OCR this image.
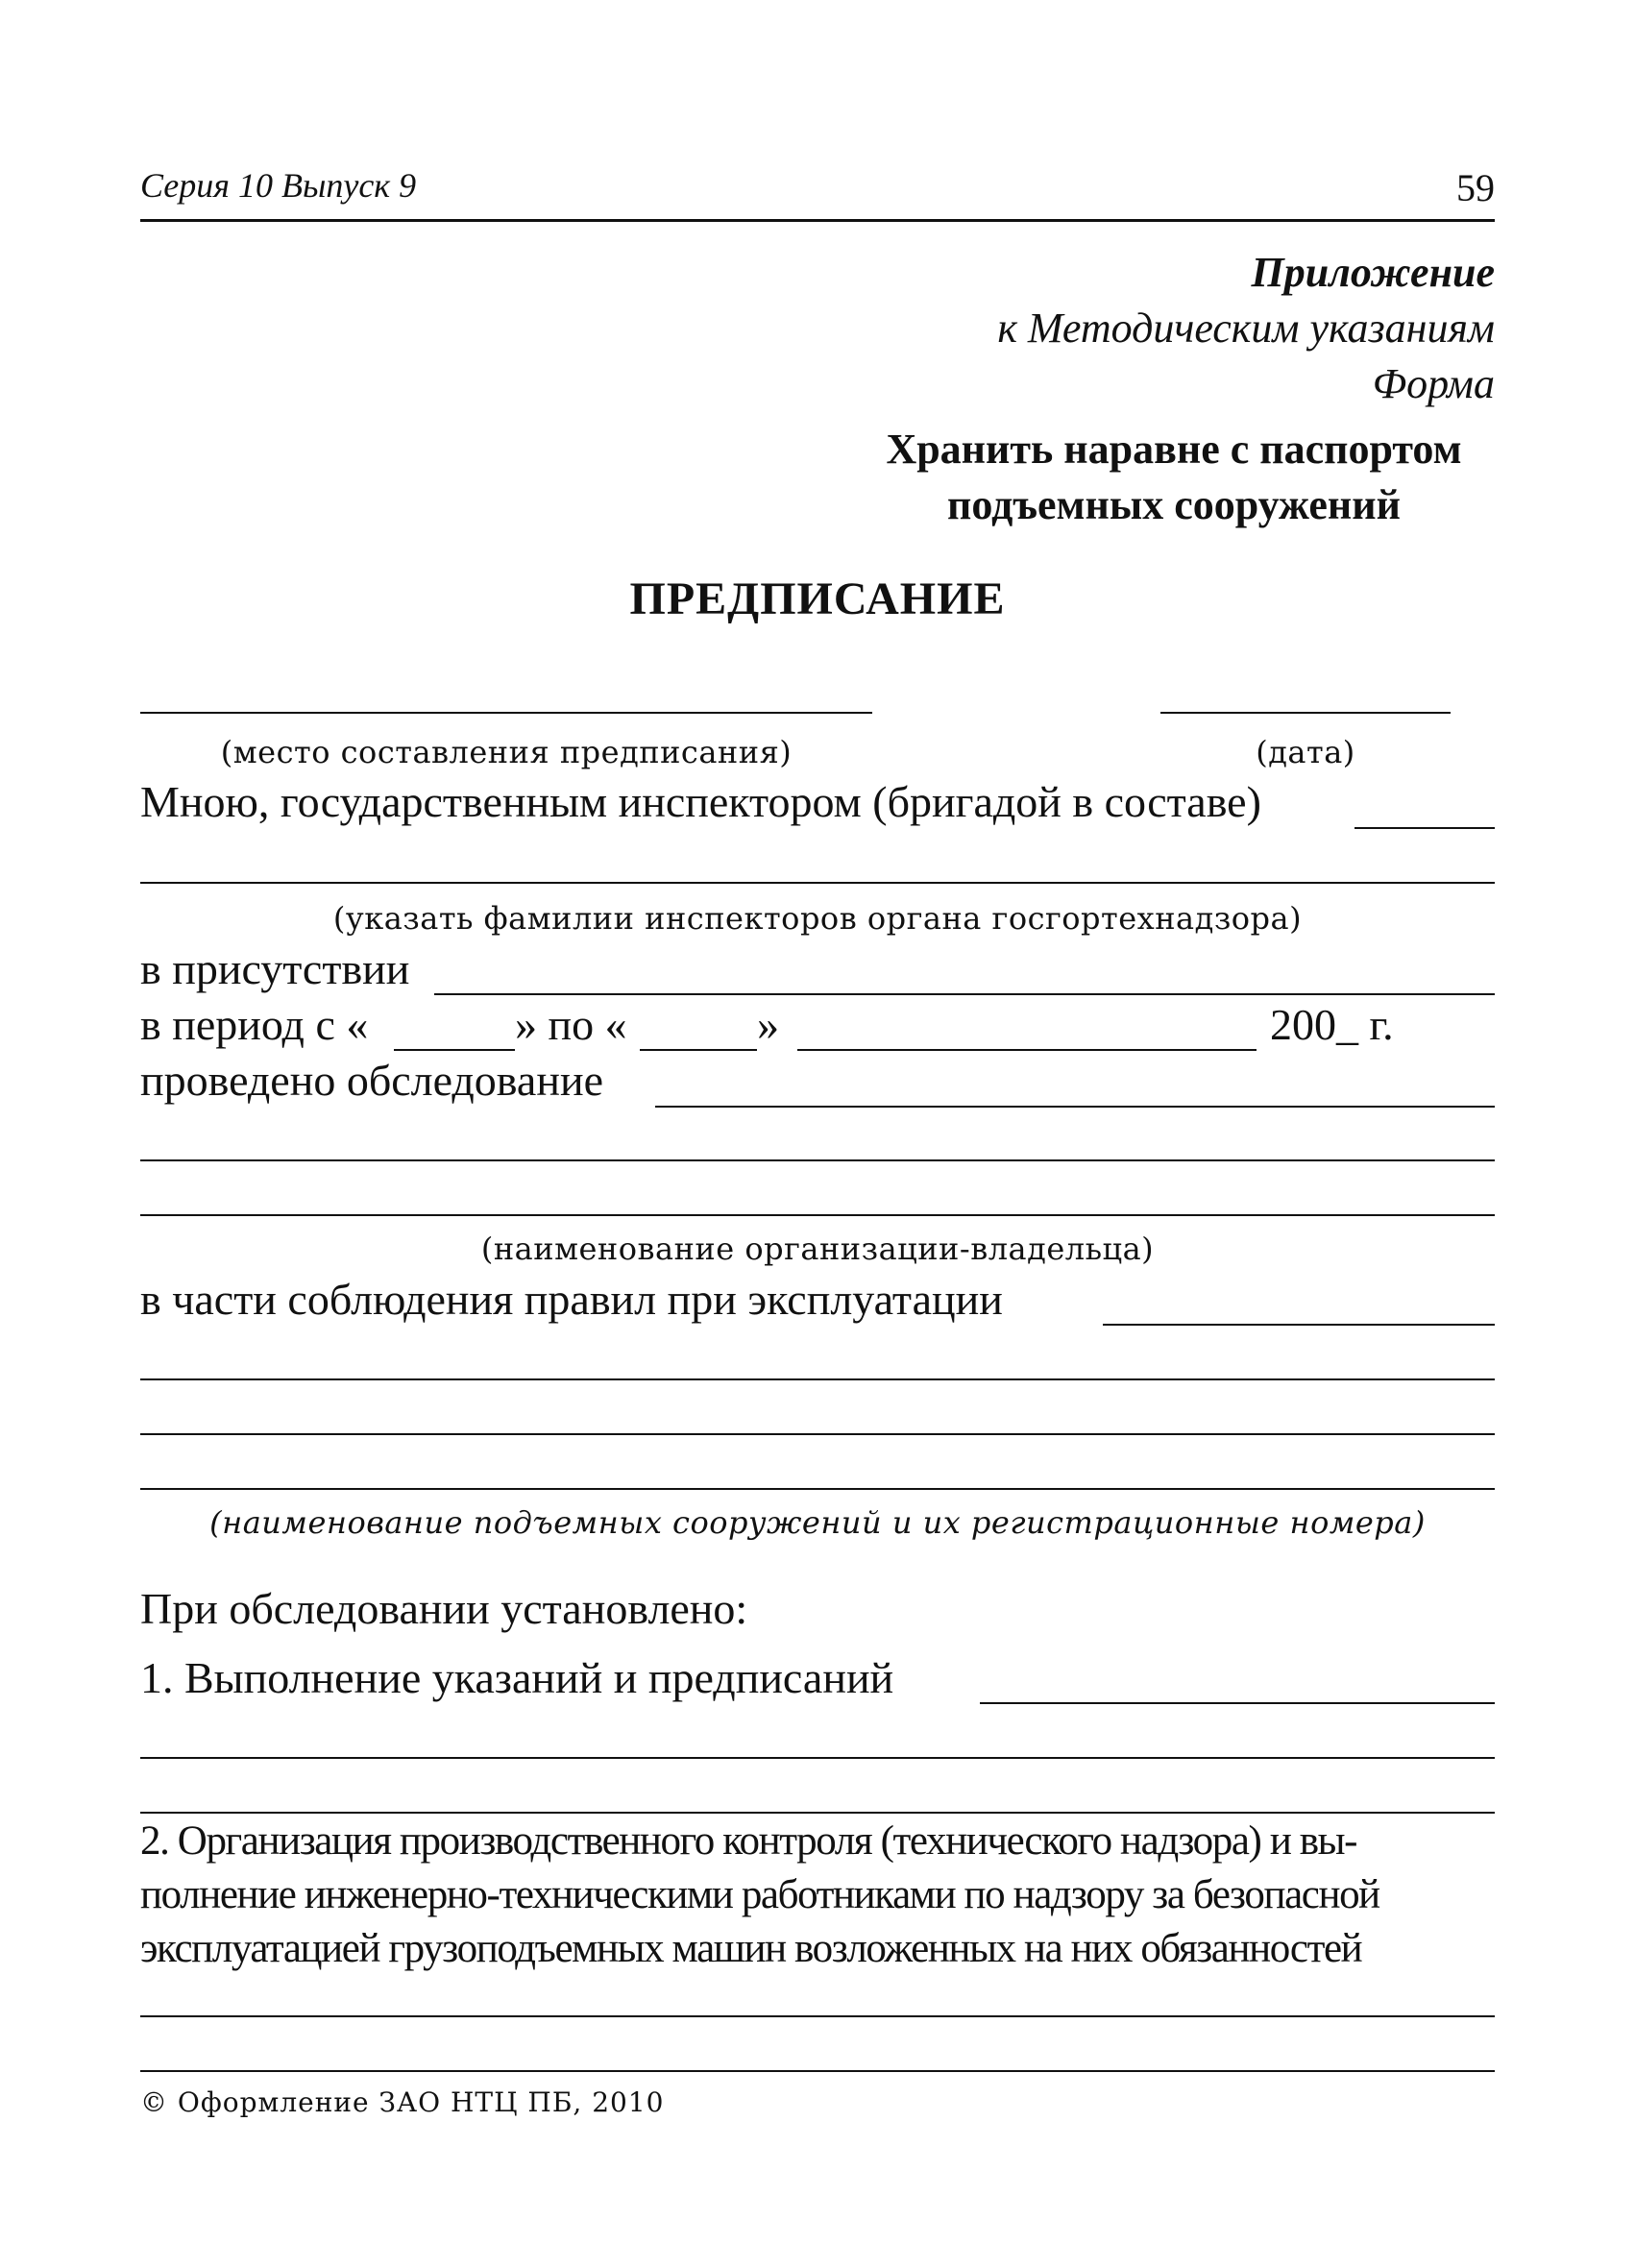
Серия 10 Выпуск 9	59
Приложение
к Методическим указаниям
Форма
Хранить наравне с паспортом
подъемных сооружений
ПРЕДПИСАНИЕ
(место составления предписания)	(дата)
Мною, государственным инспектором (бригадой в составе)
(указать фамилии инспекторов органа госгортехнадзора)
в присутствии
в период с «	» по «	»	200_ г.
проведено обследование
(наименование организации-владельца)
в части соблюдения правил при эксплуатации
(наименование подъемных сооружений и их регистрационные номера)
При обследовании установлено:
1. Выполнение указаний и предписаний
2. Организация производственного контроля (технического надзора) и вы-
полнение инженерно-техническими работниками по надзору за безопасной
эксплуатацией грузоподъемных машин возложенных на них обязанностей
© Оформление ЗАО НТЦ ПБ, 2010
